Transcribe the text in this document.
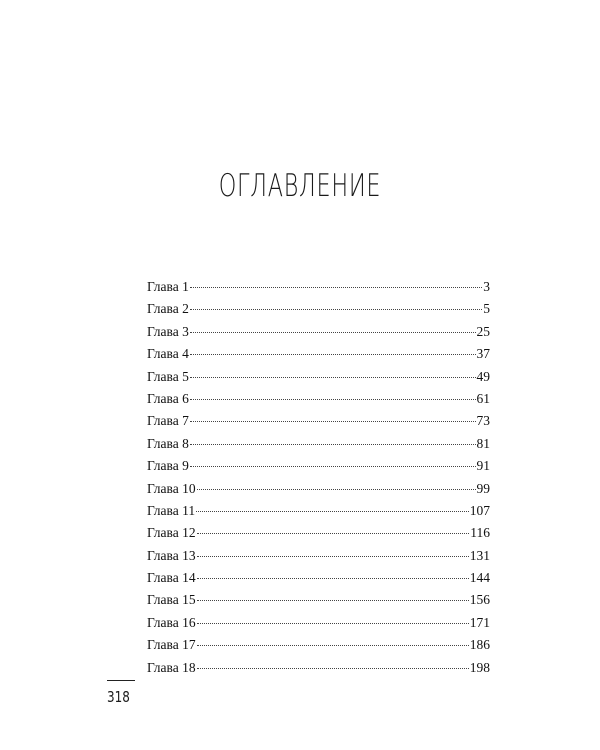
ОГЛАВЛЕНИЕ
Глава 1	3
Глава 2	5
Глава 3	25
Глава 4	37
Глава 5	49
Глава 6	61
Глава 7	73
Глава 8	81
Глава 9	91
Глава 10	99
Глава 11	107
Глава 12	116
Глава 13	131
Глава 14	144
Глава 15	156
Глава 16	171
Глава 17	186
Глава 18	198
318
